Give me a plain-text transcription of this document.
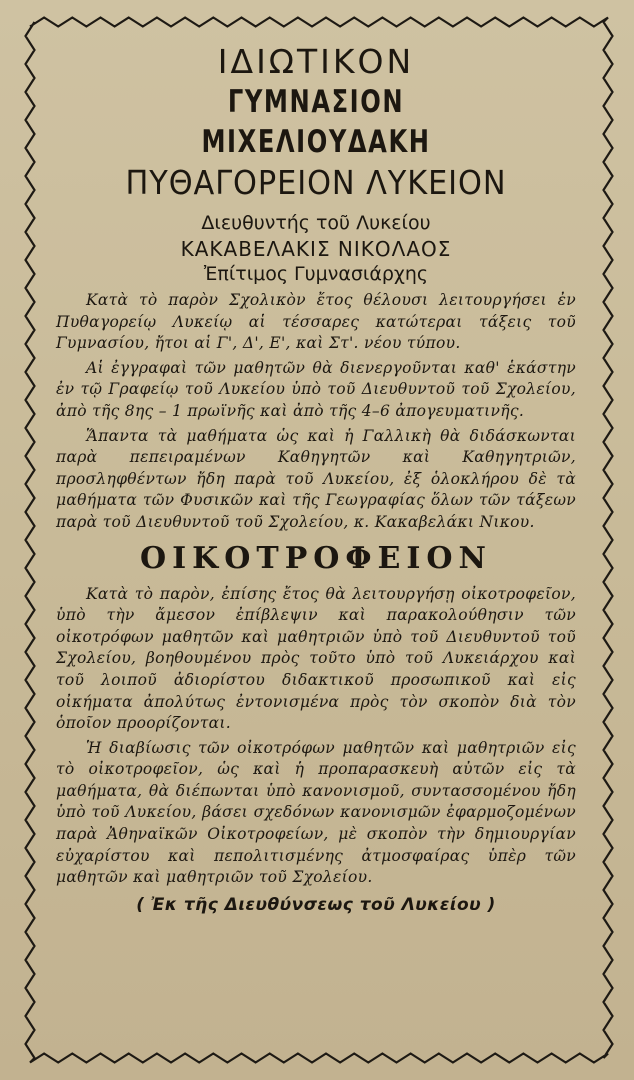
ΙΔΙΩΤΙΚΟΝ
ΓΥΜΝΑΣΙΟΝ ΜΙΧΕΛΙΟΥΔΑΚΗ
ΠΥΘΑΓΟΡΕΙΟΝ ΛΥΚΕΙΟΝ
Διευθυντής τοῦ Λυκείου
ΚΑΚΑΒΕΛΑΚΙΣ ΝΙΚΟΛΑΟΣ
Ἐπίτιμος Γυμνασιάρχης

Κατὰ τὸ παρὸν Σχολικὸν ἔτος θέλουσι λειτουργήσει ἐν Πυθαγορείῳ Λυκείῳ αἱ τέσσαρες κατώτεραι τάξεις τοῦ Γυμνασίου, ἤτοι αἱ Γ', Δ', Ε', καὶ Στ'. νέου τύπου.

Αἱ ἐγγραφαὶ τῶν μαθητῶν θὰ διενεργοῦνται καθ' ἑκάστην ἐν τῷ Γραφείῳ τοῦ Λυκείου ὑπὸ τοῦ Διευθυντοῦ τοῦ Σχολείου, ἀπὸ τῆς 8ης – 1 πρωϊνῆς καὶ ἀπὸ τῆς 4–6 ἀπογευματινῆς.

Ἅπαντα τὰ μαθήματα ὡς καὶ ἡ Γαλλικὴ θὰ διδάσκωνται παρὰ πεπειραμένων Καθηγητῶν καὶ Καθηγητριῶν, προσληφθέντων ἤδη παρὰ τοῦ Λυκείου, ἐξ ὁλοκλήρου δὲ τὰ μαθήματα τῶν Φυσικῶν καὶ τῆς Γεωγραφίας ὅλων τῶν τάξεων παρὰ τοῦ Διευθυντοῦ τοῦ Σχολείου, κ. Κακαβελάκι Νικου.

ΟΙΚΟΤΡΟΦΕΙΟΝ

Κατὰ τὸ παρὸν, ἐπίσης ἔτος θὰ λειτουργήσῃ οἰκοτροφεῖον, ὑπὸ τὴν ἄμεσον ἐπίβλεψιν καὶ παρακολούθησιν τῶν οἰκοτρόφων μαθητῶν καὶ μαθητριῶν ὑπὸ τοῦ Διευθυντοῦ τοῦ Σχολείου, βοηθουμένου πρὸς τοῦτο ὑπὸ τοῦ Λυκειάρχου καὶ τοῦ λοιποῦ ἀδιορίστου διδακτικοῦ προσωπικοῦ καὶ εἰς οἰκήματα ἀπολύτως ἐντονισμένα πρὸς τὸν σκοπὸν διὰ τὸν ὁποῖον προορίζονται.

Ἡ διαβίωσις τῶν οἰκοτρόφων μαθητῶν καὶ μαθητριῶν εἰς τὸ οἰκοτροφεῖον, ὡς καὶ ἡ προπαρασκευὴ αὐτῶν εἰς τὰ μαθήματα, θὰ διέπωνται ὑπὸ κανονισμοῦ, συντασσομένου ἤδη ὑπὸ τοῦ Λυκείου, βάσει σχεδόνων κανονισμῶν ἐφαρμοζομένων παρὰ Ἀθηναϊκῶν Οἰκοτροφείων, μὲ σκοπὸν τὴν δημιουργίαν εὐχαρίστου καὶ πεπολιτισμένης ἀτμοσφαίρας ὑπὲρ τῶν μαθητῶν καὶ μαθητριῶν τοῦ Σχολείου.

( Ἐκ τῆς Διευθύνσεως τοῦ Λυκείου )
